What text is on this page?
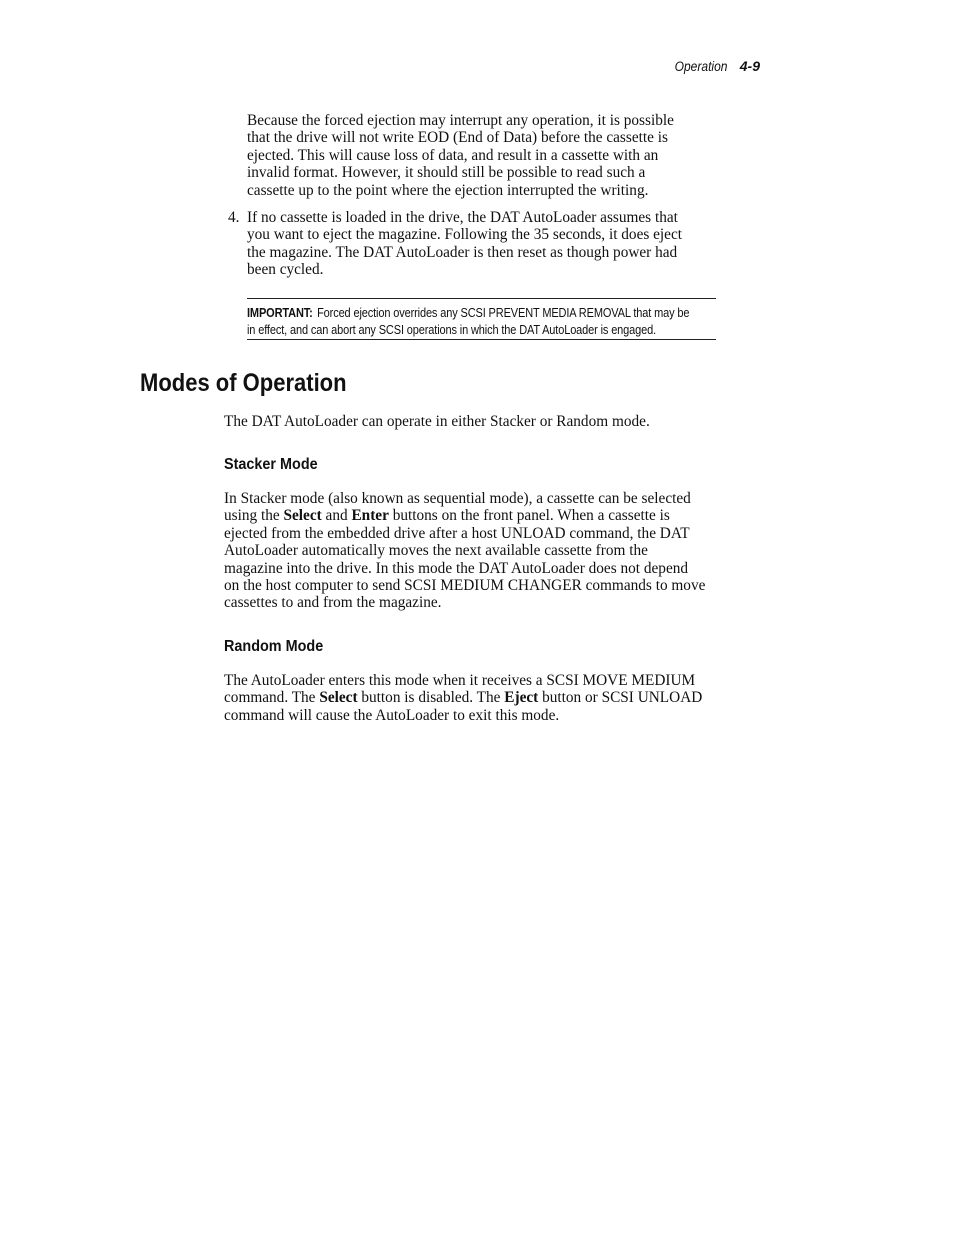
Operation 4-9
Because the forced ejection may interrupt any operation, it is possible
that the drive will not write EOD (End of Data) before the cassette is
ejected. This will cause loss of data, and result in a cassette with an
invalid format. However, it should still be possible to read such a
cassette up to the point where the ejection interrupted the writing.
4. If no cassette is loaded in the drive, the DAT AutoLoader assumes that
you want to eject the magazine. Following the 35 seconds, it does eject
the magazine. The DAT AutoLoader is then reset as though power had
been cycled.
IMPORTANT: Forced ejection overrides any SCSI PREVENT MEDIA REMOVAL that may be
in effect, and can abort any SCSI operations in which the DAT AutoLoader is engaged.
Modes of Operation

The DAT AutoLoader can operate in either Stacker or Random mode.

Stacker Mode
In Stacker mode (also known as sequential mode), a cassette can be selected
using the Select and Enter buttons on the front panel. When a cassette is
ejected from the embedded drive after a host UNLOAD command, the DAT
AutoLoader automatically moves the next available cassette from the
magazine into the drive. In this mode the DAT AutoLoader does not depend
on the host computer to send SCSI MEDIUM CHANGER commands to move
cassettes to and from the magazine.
Random Mode
The AutoLoader enters this mode when it receives a SCSI MOVE MEDIUM
command. The Select button is disabled. The Eject button or SCSI UNLOAD
command will cause the AutoLoader to exit this mode.
